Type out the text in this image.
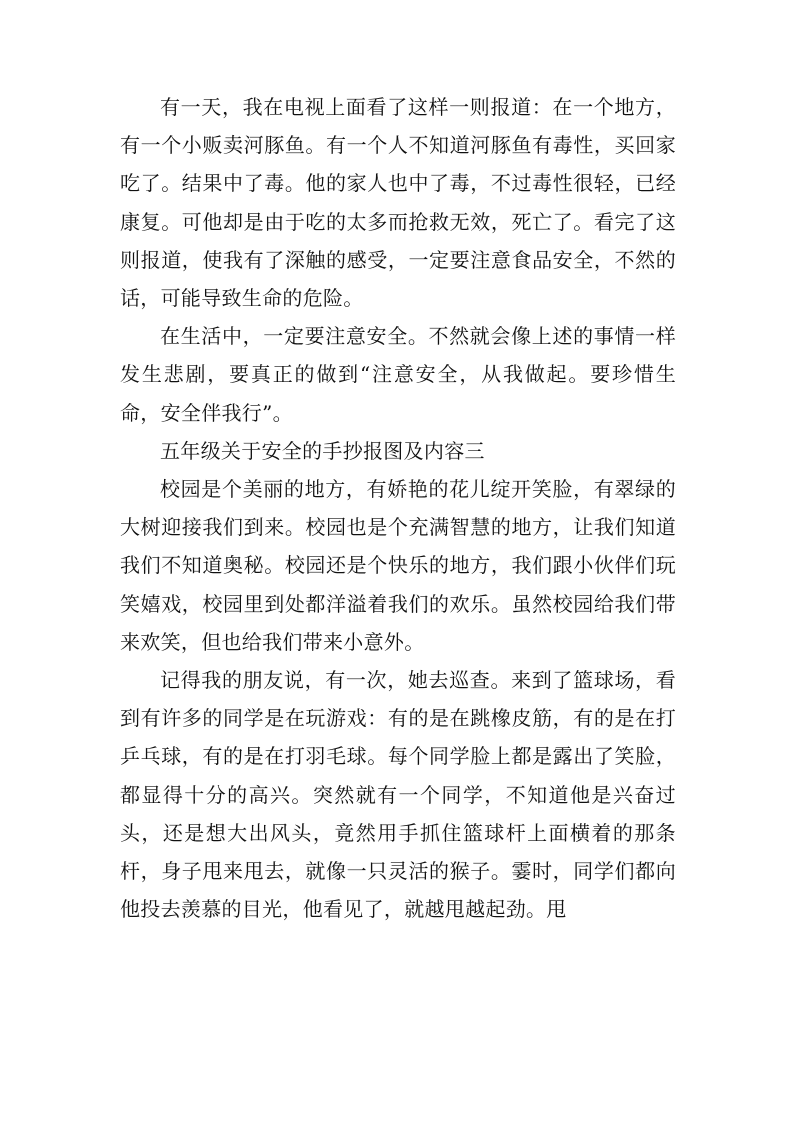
有一天，我在电视上面看了这样一则报道：在一个地方，有一个小贩卖河豚鱼。有一个人不知道河豚鱼有毒性，买回家吃了。结果中了毒。他的家人也中了毒，不过毒性很轻，已经康复。可他却是由于吃的太多而抢救无效，死亡了。看完了这则报道，使我有了深触的感受，一定要注意食品安全，不然的话，可能导致生命的危险。

在生活中，一定要注意安全。不然就会像上述的事情一样发生悲剧，要真正的做到“注意安全，从我做起。要珍惜生命，安全伴我行”。

五年级关于安全的手抄报图及内容三

校园是个美丽的地方，有娇艳的花儿绽开笑脸，有翠绿的大树迎接我们到来。校园也是个充满智慧的地方，让我们知道我们不知道奥秘。校园还是个快乐的地方，我们跟小伙伴们玩笑嬉戏，校园里到处都洋溢着我们的欢乐。虽然校园给我们带来欢笑，但也给我们带来小意外。

记得我的朋友说，有一次，她去巡查。来到了篮球场，看到有许多的同学是在玩游戏：有的是在跳橡皮筋，有的是在打乒乓球，有的是在打羽毛球。每个同学脸上都是露出了笑脸，都显得十分的高兴。突然就有一个同学，不知道他是兴奋过头，还是想大出风头，竟然用手抓住篮球杆上面横着的那条杆，身子甩来甩去，就像一只灵活的猴子。霎时，同学们都向他投去羡慕的目光，他看见了，就越甩越起劲。甩
